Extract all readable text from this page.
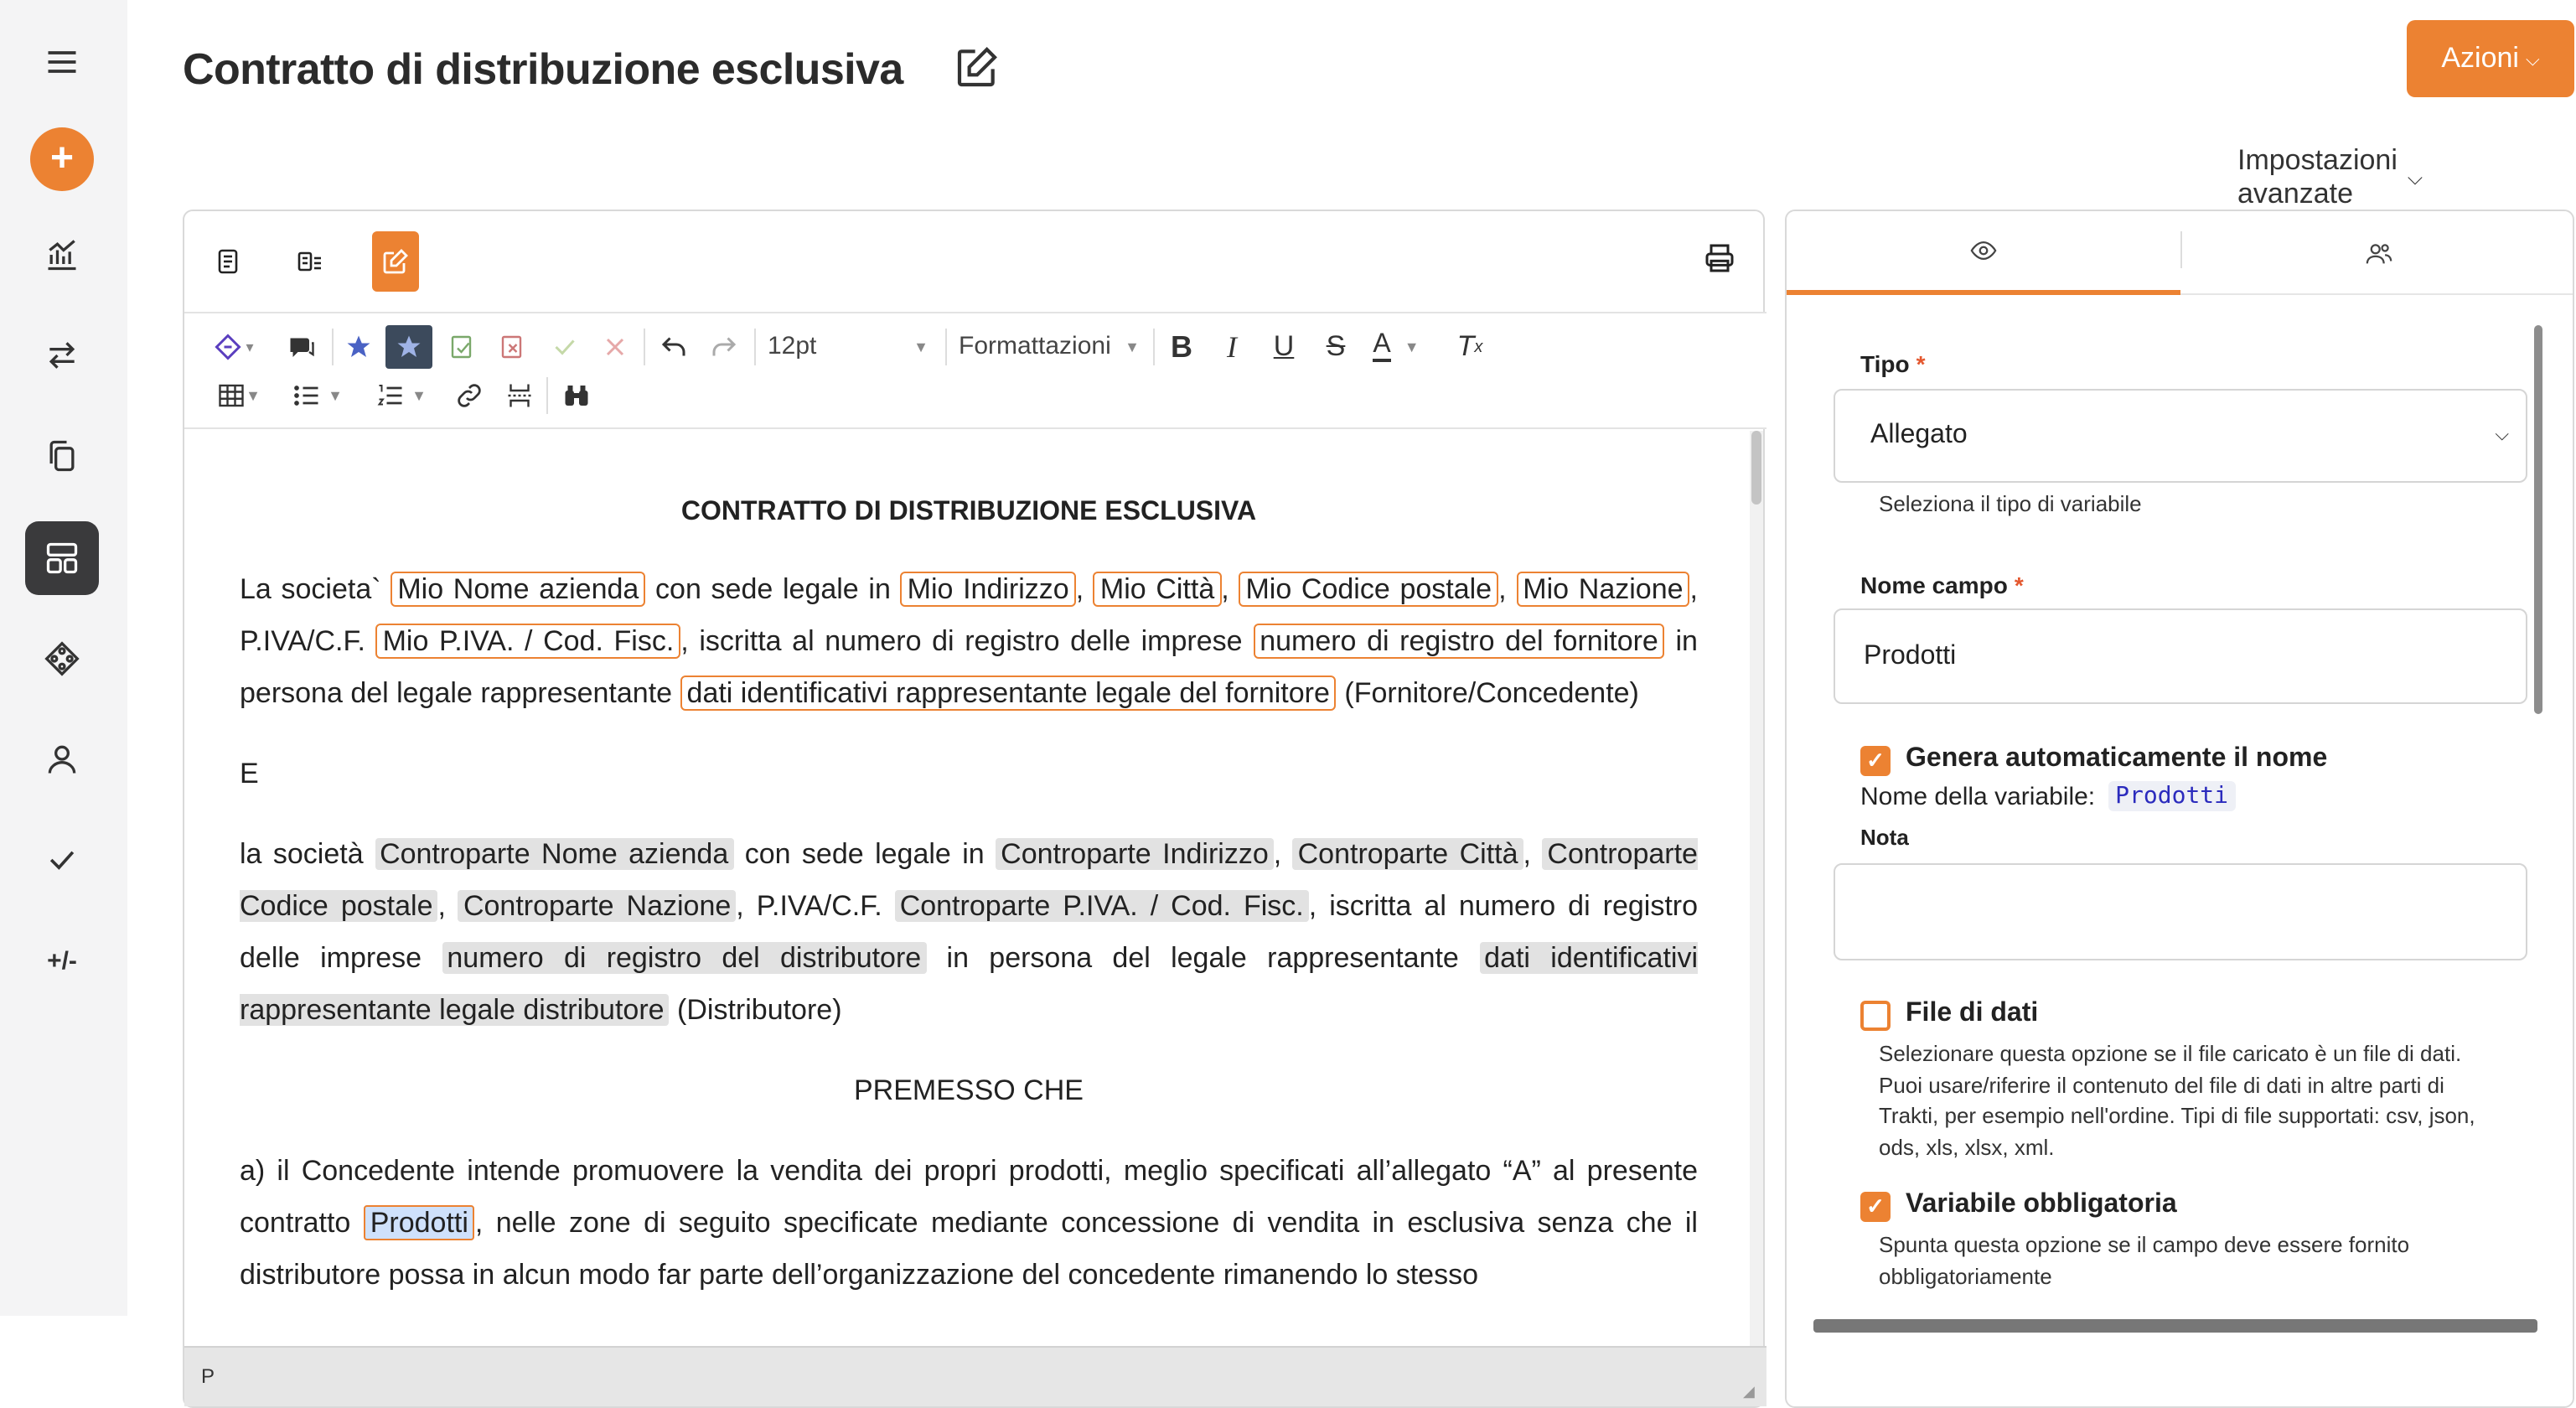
+
+/-
Contratto di distribuzione esclusiva	Azioni ⌵
Impostazioni avanzate
⌵
▾	12pt	▼ Formattazioni ▼	B	I	U	S	A ▼	T x
▼	▼	▼
CONTRATTO DI DISTRIBUZIONE ESCLUSIVA

La societa` Mio Nome azienda con sede legale in Mio Indirizzo , Mio Città , Mio Codice postale , Mio Nazione , P.IVA/C.F. Mio P.IVA. / Cod. Fisc. , iscritta al numero di registro delle imprese numero di registro del fornitore in persona del legale rappresentante dati identificativi rappresentante legale del fornitore (Fornitore/Concedente)

E

la società Controparte Nome azienda con sede legale in Controparte Indirizzo , Controparte Città , Controparte Codice postale , Controparte Nazione , P.IVA/C.F. Controparte P.IVA. / Cod. Fisc. , iscritta al numero di registro delle imprese numero di registro del distributore in persona del legale rappresentante dati identificativi rappresentante legale distributore (Distributore)

PREMESSO CHE

a) il Concedente intende promuovere la vendita dei propri prodotti, meglio specificati all’allegato “A” al presente contratto Prodotti , nelle zone di seguito specificate mediante concessione di vendita in esclusiva senza che il distributore possa in alcun modo far parte dell’organizzazione del concedente rimanendo lo stesso

P
◢
Tipo *
Allegato	⌵
Seleziona il tipo di variabile
Nome campo *
Prodotti
✓	Genera automaticamente il nome
Nome della variabile:	Prodotti
Nota
File di dati
Selezionare questa opzione se il file caricato è un file di dati. Puoi usare/riferire il contenuto del file di dati in altre parti di Trakti, per esempio nell'ordine. Tipi di file supportati: csv, json, ods, xls, xlsx, xml.
✓	Variabile obbligatoria
Spunta questa opzione se il campo deve essere fornito obbligatoriamente
